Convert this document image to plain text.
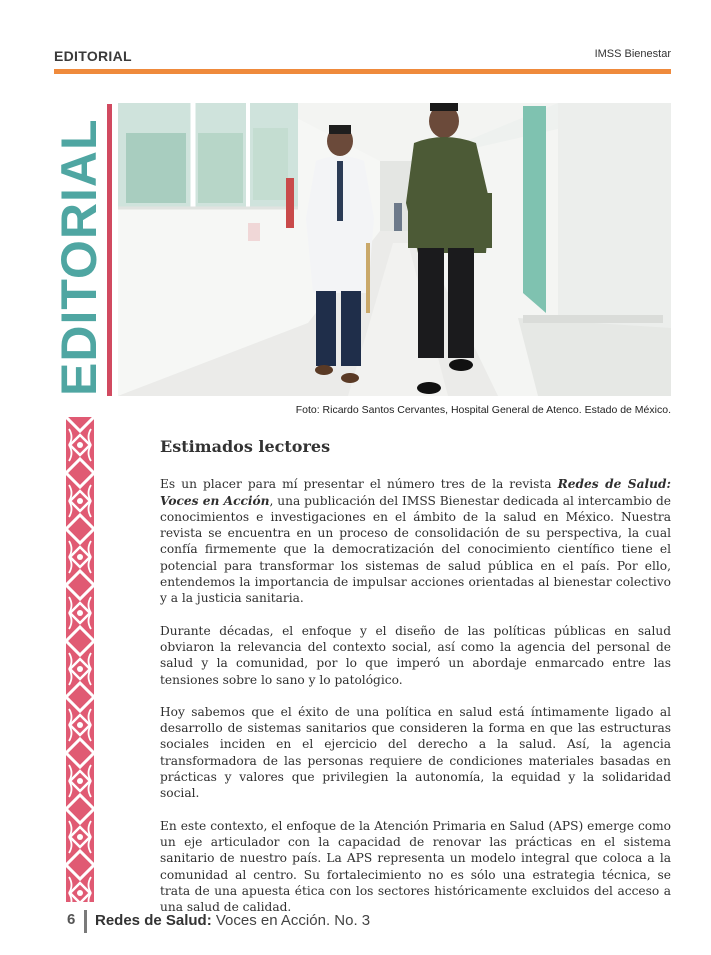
EDITORIAL	IMSS Bienestar
EDITORIAL
Foto: Ricardo Santos Cervantes, Hospital General de Atenco. Estado de México.
Estimados lectores

Es un placer para mí presentar el número tres de la revista Redes de Salud: Voces en Acción, una publicación del IMSS Bienestar dedicada al intercambio de conocimientos e investigaciones en el ámbito de la salud en México. Nuestra revista se encuentra en un proceso de consolidación de su perspectiva, la cual confía firmemente que la democratización del conocimiento científico tiene el potencial para transformar los sistemas de salud pública en el país. Por ello, entendemos la importancia de impulsar acciones orientadas al bienestar colectivo y a la justicia sanitaria.

Durante décadas, el enfoque y el diseño de las políticas públicas en salud obviaron la relevancia del contexto social, así como la agencia del personal de salud y la comunidad, por lo que imperó un abordaje enmarcado entre las tensiones sobre lo sano y lo patológico.

Hoy sabemos que el éxito de una política en salud está íntimamente ligado al desarrollo de sistemas sanitarios que consideren la forma en que las estructuras sociales inciden en el ejercicio del derecho a la salud. Así, la agencia transformadora de las personas requiere de condiciones materiales basadas en prácticas y valores que privilegien la autonomía, la equidad y la solidaridad social.

En este contexto, el enfoque de la Atención Primaria en Salud (APS) emerge como un eje articulador con la capacidad de renovar las prácticas en el sistema sanitario de nuestro país. La APS representa un modelo integral que coloca a la comunidad al centro. Su fortalecimiento no es sólo una estrategia técnica, se trata de una apuesta ética con los sectores históricamente excluidos del acceso a una salud de calidad.

6 Redes de Salud: Voces en Acción. No. 3
